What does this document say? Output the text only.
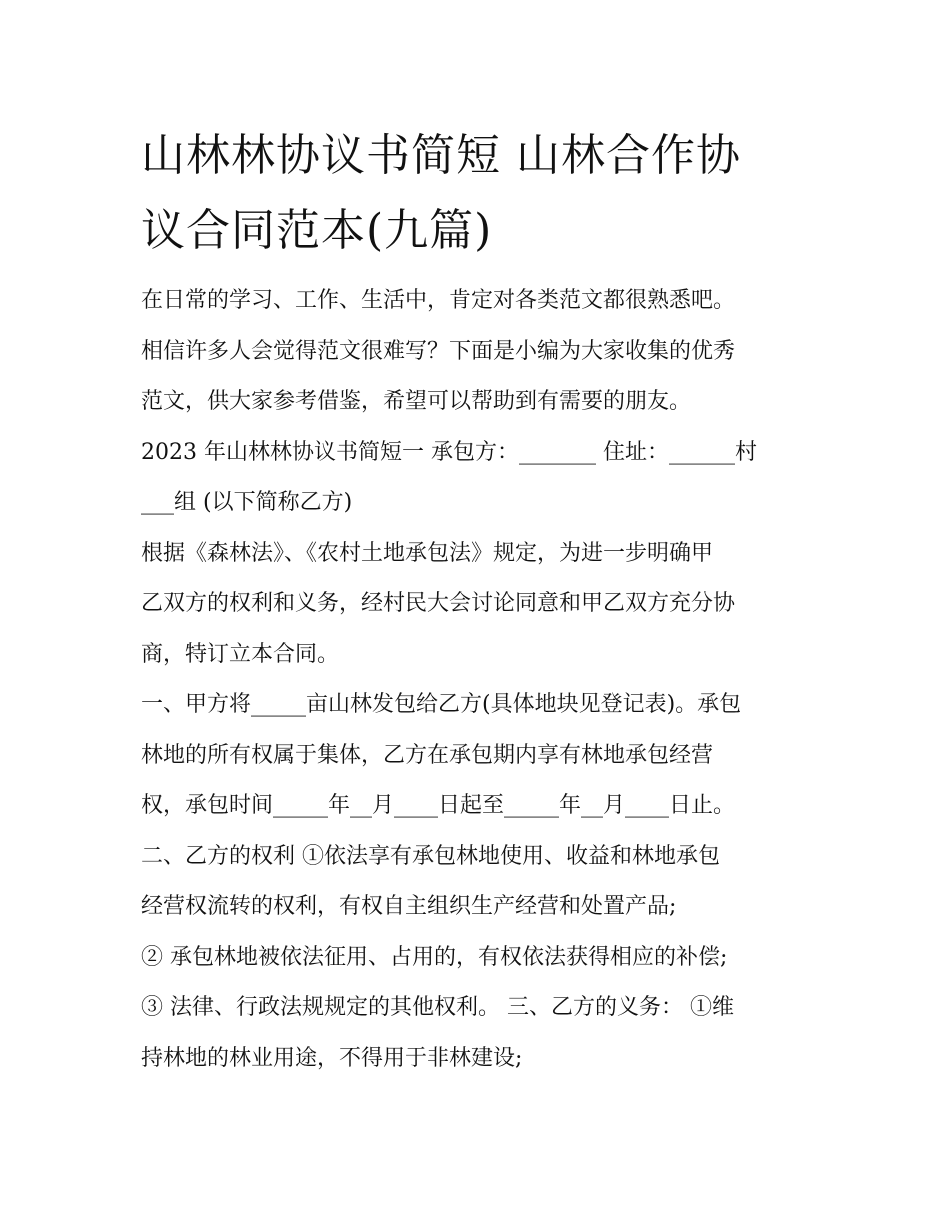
山林林协议书简短 山林合作协
议合同范本(九篇)
在日常的学习、工作、生活中，肯定对各类范文都很熟悉吧。
相信许多人会觉得范文很难写？下面是小编为大家收集的优秀
范文，供大家参考借鉴，希望可以帮助到有需要的朋友。
2023 年山林林协议书简短一 承包方：_______ 住址：______村
___组 (以下简称乙方)
根据《森林法》、《农村土地承包法》规定，为进一步明确甲
乙双方的权利和义务，经村民大会讨论同意和甲乙双方充分协
商，特订立本合同。
一、甲方将_____亩山林发包给乙方(具体地块见登记表)。承包
林地的所有权属于集体，乙方在承包期内享有林地承包经营
权，承包时间_____年__月____日起至_____年__月____日止。
二、乙方的权利 ①依法享有承包林地使用、收益和林地承包
经营权流转的权利，有权自主组织生产经营和处置产品;
② 承包林地被依法征用、占用的，有权依法获得相应的补偿;
③ 法律、行政法规规定的其他权利。 三、乙方的义务： ①维
持林地的林业用途，不得用于非林建设;
